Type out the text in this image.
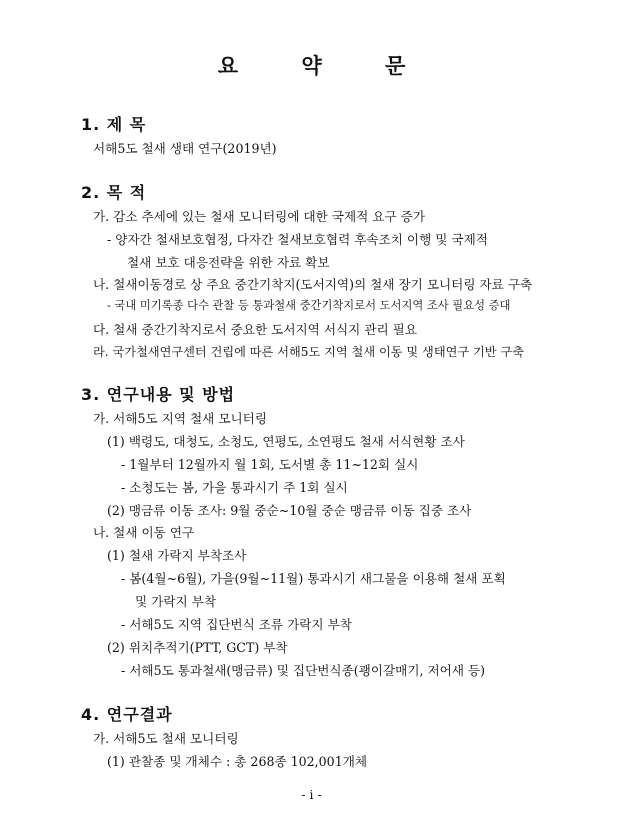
요 약 문
1. 제 목
서해5도 철새 생태 연구(2019년)
2. 목 적
가. 감소 추세에 있는 철새 모니터링에 대한 국제적 요구 증가
- 양자간 철새보호협정, 다자간 철새보호협력 후속조치 이행 및 국제적
철새 보호 대응전략을 위한 자료 확보
나. 철새이동경로 상 주요 중간기착지(도서지역)의 철새 장기 모니터링 자료 구축
- 국내 미기록종 다수 관찰 등 통과철새 중간기착지로서 도서지역 조사 필요성 증대
다. 철새 중간기착지로서 중요한 도서지역 서식지 관리 필요
라. 국가철새연구센터 건립에 따른 서해5도 지역 철새 이동 및 생태연구 기반 구축
3. 연구내용 및 방법
가. 서해5도 지역 철새 모니터링
(1) 백령도, 대청도, 소청도, 연평도, 소연평도 철새 서식현황 조사
- 1월부터 12월까지 월 1회, 도서별 총 11~12회 실시
- 소청도는 봄, 가을 통과시기 주 1회 실시
(2) 맹금류 이동 조사: 9월 중순~10월 중순 맹금류 이동 집중 조사
나. 철새 이동 연구
(1) 철새 가락지 부착조사
- 봄(4월~6월), 가을(9월~11월) 통과시기 새그물을 이용해 철새 포획
및 가락지 부착
- 서해5도 지역 집단번식 조류 가락지 부착
(2) 위치추적기(PTT, GCT) 부착
- 서해5도 통과철새(맹금류) 및 집단번식종(괭이갈매기, 저어새 등)
4. 연구결과
가. 서해5도 철새 모니터링
(1) 관찰종 및 개체수 : 총 268종 102,001개체
- i -
